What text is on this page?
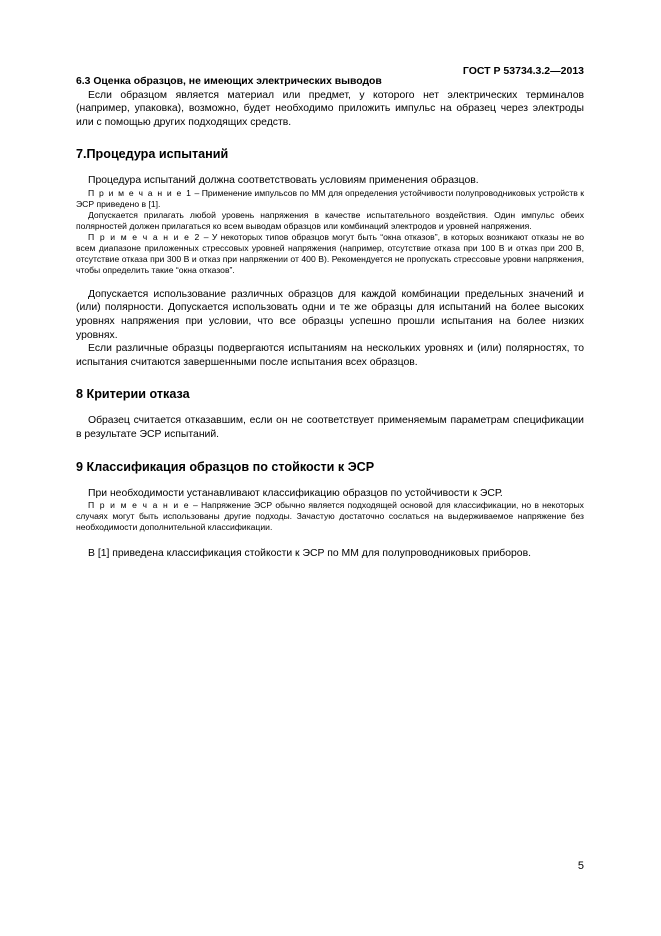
ГОСТ Р 53734.3.2—2013

6.3 Оценка образцов, не имеющих электрических выводов

Если образцом является материал или предмет, у которого нет электрических терминалов (например, упаковка), возможно, будет необходимо приложить импульс на образец через электроды или с помощью других подходящих средств.

7.Процедура испытаний

Процедура испытаний должна соответствовать условиям применения образцов.

П р и м е ч а н и е 1 – Применение импульсов по ММ для определения устойчивости полупроводниковых устройств к ЭСР приведено в [1].

Допускается прилагать любой уровень напряжения в качестве испытательного воздействия. Один импульс обеих полярностей должен прилагаться ко всем выводам образцов или комбинаций электродов и уровней напряжения.

П р и м е ч а н и е 2 – У некоторых типов образцов могут быть “окна отказов”, в которых возникают отказы не во всем диапазоне приложенных стрессовых уровней напряжения (например, отсутствие отказа при 100 В и отказ при 200 В, отсутствие отказа при 300 В и отказ при напряжении от 400 В). Рекомендуется не пропускать стрессовые уровни напряжения, чтобы определить такие “окна отказов”.

Допускается использование различных образцов для каждой комбинации предельных значений и (или) полярности. Допускается использовать одни и те же образцы для испытаний на более высоких уровнях напряжения при условии, что все образцы успешно прошли испытания на более низких уровнях.

Если различные образцы подвергаются испытаниям на нескольких уровнях и (или) полярностях, то испытания считаются завершенными после испытания всех образцов.

8 Критерии отказа

Образец считается отказавшим, если он не соответствует применяемым параметрам спецификации в результате ЭСР испытаний.

9 Классификация образцов по стойкости к ЭСР

При необходимости устанавливают классификацию образцов по устойчивости к ЭСР.

П р и м е ч а н и е – Напряжение ЭСР обычно является подходящей основой для классификации, но в некоторых случаях могут быть использованы другие подходы. Зачастую достаточно сослаться на выдерживаемое напряжение без необходимости дополнительной классификации.

В [1] приведена классификация стойкости к ЭСР по ММ для полупроводниковых приборов.

5
